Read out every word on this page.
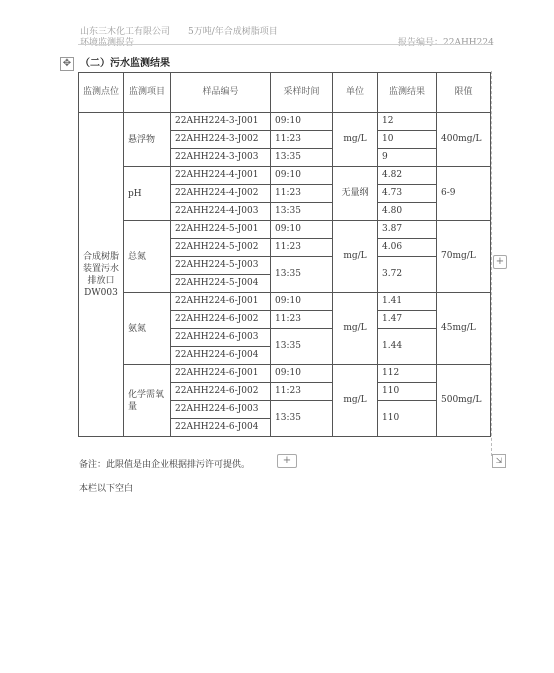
山东三木化工有限公司 5万吨/年合成树脂项目
环境监测报告	报告编号：22AHH224
✥ （二）污水监测结果
监测点位	监测项目	样品编号	采样时间	单位	监测结果	限值
合成树脂装置污水排放口DW003	悬浮物	22AHH224-3-J001	09:10	mg/L	12	400mg/L
		22AHH224-3-J002	11:23		10	
		22AHH224-3-J003	13:35		9	
	pH	22AHH224-4-J001	09:10	无量纲	4.82	6-9
		22AHH224-4-J002	11:23		4.73	
		22AHH224-4-J003	13:35		4.80	
	总氮	22AHH224-5-J001	09:10	mg/L	3.87	70mg/L
		22AHH224-5-J002	11:23		4.06	
		22AHH224-5-J003	13:35		3.72	
		22AHH224-5-J004				
	氨氮	22AHH224-6-J001	09:10	mg/L	1.41	45mg/L
		22AHH224-6-J002	11:23		1.47	
		22AHH224-6-J003	13:35		1.44	
		22AHH224-6-J004				
	化学需氧量	22AHH224-6-J001	09:10	mg/L	112	500mg/L
		22AHH224-6-J002	11:23		110	
		22AHH224-6-J003	13:35		110	
		22AHH224-6-J004				
+
+	⇲
备注：此限值是由企业根据排污许可提供。
本栏以下空白
